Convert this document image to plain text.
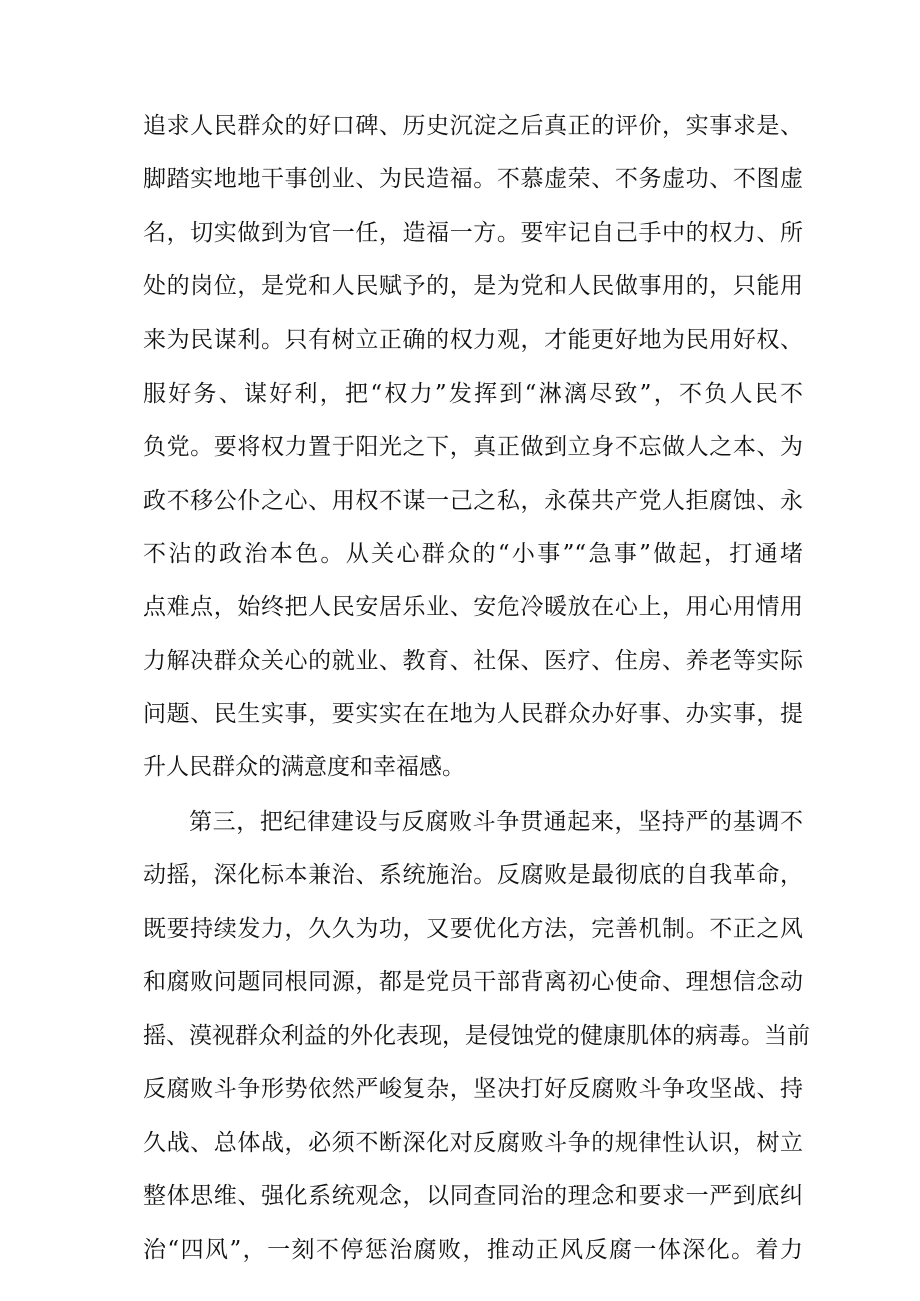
追求人民群众的好口碑、历史沉淀之后真正的评价，实事求是、
脚踏实地地干事创业、为民造福。不慕虚荣、不务虚功、不图虚
名，切实做到为官一任，造福一方。要牢记自己手中的权力、所
处的岗位，是党和人民赋予的，是为党和人民做事用的，只能用
来为民谋利。只有树立正确的权力观，才能更好地为民用好权、
服好务、谋好利，把“权力”发挥到“淋漓尽致”，不负人民不
负党。要将权力置于阳光之下，真正做到立身不忘做人之本、为
政不移公仆之心、用权不谋一己之私，永葆共产党人拒腐蚀、永
不沾的政治本色。从关心群众的“小事”“急事”做起，打通堵
点难点，始终把人民安居乐业、安危冷暖放在心上，用心用情用
力解决群众关心的就业、教育、社保、医疗、住房、养老等实际
问题、民生实事，要实实在在地为人民群众办好事、办实事，提
升人民群众的满意度和幸福感。
第三，把纪律建设与反腐败斗争贯通起来，坚持严的基调不
动摇，深化标本兼治、系统施治。反腐败是最彻底的自我革命，
既要持续发力，久久为功，又要优化方法，完善机制。不正之风
和腐败问题同根同源，都是党员干部背离初心使命、理想信念动
摇、漠视群众利益的外化表现，是侵蚀党的健康肌体的病毒。当前
反腐败斗争形势依然严峻复杂，坚决打好反腐败斗争攻坚战、持
久战、总体战，必须不断深化对反腐败斗争的规律性认识，树立
整体思维、强化系统观念，以同查同治的理念和要求一严到底纠
治“四风”，一刻不停惩治腐败，推动正风反腐一体深化。着力
